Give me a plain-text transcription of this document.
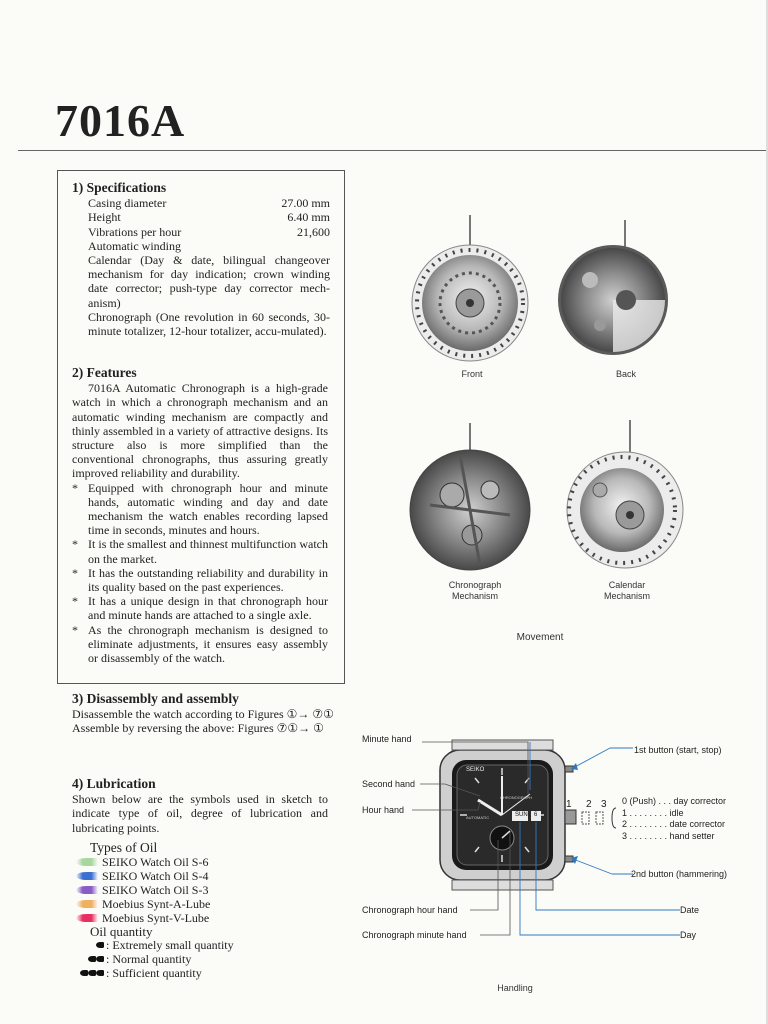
7016A
1) Specifications
Casing diameter	27.00 mm
Height	6.40 mm
Vibrations per hour	21,600
Automatic winding
Calendar (Day & date, bilingual changeover mechanism for day indication; crown winding date corrector; push-type day corrector mech-anism)
Chronograph (One revolution in 60 seconds, 30-minute totalizer, 12-hour totalizer, accu-mulated).
2) Features
7016A Automatic Chronograph is a high-grade watch in which a chronograph mechanism and an automatic winding mechanism are compactly and thinly assembled in a variety of attractive designs. Its structure also is more simplified than the conventional chronographs, thus assuring greatly improved reliability and durability.
* Equipped with chronograph hour and minute hands, automatic winding and day and date mechanism the watch enables recording lapsed time in seconds, minutes and hours.
* It is the smallest and thinnest multifunction watch on the market.
* It has the outstanding reliability and durability in its quality based on the past experiences.
* It has a unique design in that chronograph hour and minute hands are attached to a single axle.
* As the chronograph mechanism is designed to eliminate adjustments, it ensures easy assembly or disassembly of the watch.
3) Disassembly and assembly
Disassemble the watch according to Figures ①→ ⑦①
Assemble by reversing the above: Figures ⑦①→ ①
4) Lubrication
Shown below are the symbols used in sketch to indicate type of oil, degree of lubrication and lubricating points.
Types of Oil
SEIKO Watch Oil S-6
SEIKO Watch Oil S-4
SEIKO Watch Oil S-3
Moebius Synt-A-Lube
Moebius Synt-V-Lube
Oil quantity
: Extremely small quantity
: Normal quantity
: Sufficient quantity
Front	Back
Chronograph
Mechanism
Calendar
Mechanism
Movement
Minute hand
Second hand
Hour hand
Chronograph hour hand
Chronograph minute hand
1st button (start, stop)
2nd button (hammering)
Date
Day
1 2 3
SEIKO
CHRONOGRAPH
AUTOMATIC	SUN 6
0 (Push) . . . day corrector
1 . . . . . . . . idle
2 . . . . . . . . date corrector
3 . . . . . . . . hand setter
Handling
